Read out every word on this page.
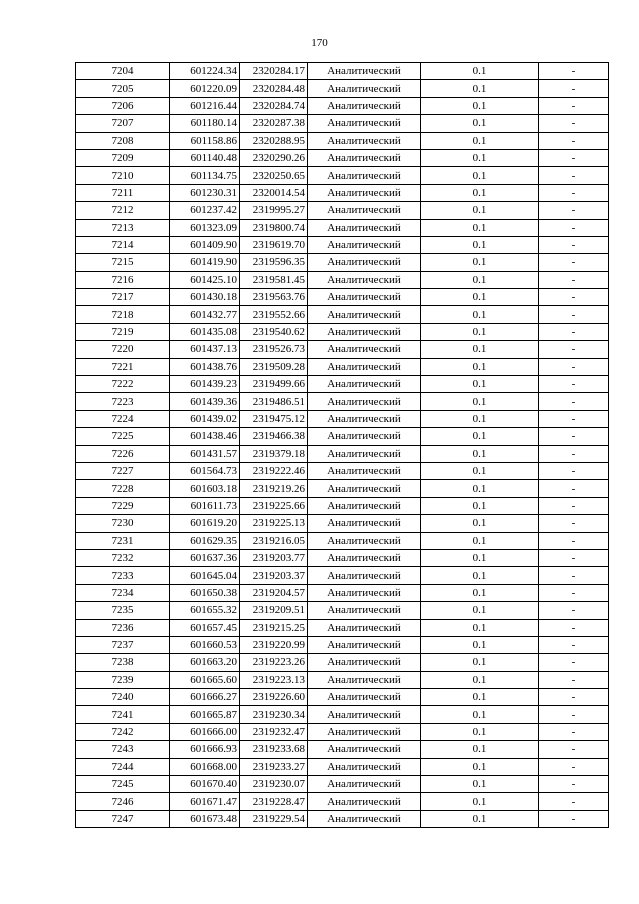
170
7204	601224.34	2320284.17	Аналитический	0.1	-
7205	601220.09	2320284.48	Аналитический	0.1	-
7206	601216.44	2320284.74	Аналитический	0.1	-
7207	601180.14	2320287.38	Аналитический	0.1	-
7208	601158.86	2320288.95	Аналитический	0.1	-
7209	601140.48	2320290.26	Аналитический	0.1	-
7210	601134.75	2320250.65	Аналитический	0.1	-
7211	601230.31	2320014.54	Аналитический	0.1	-
7212	601237.42	2319995.27	Аналитический	0.1	-
7213	601323.09	2319800.74	Аналитический	0.1	-
7214	601409.90	2319619.70	Аналитический	0.1	-
7215	601419.90	2319596.35	Аналитический	0.1	-
7216	601425.10	2319581.45	Аналитический	0.1	-
7217	601430.18	2319563.76	Аналитический	0.1	-
7218	601432.77	2319552.66	Аналитический	0.1	-
7219	601435.08	2319540.62	Аналитический	0.1	-
7220	601437.13	2319526.73	Аналитический	0.1	-
7221	601438.76	2319509.28	Аналитический	0.1	-
7222	601439.23	2319499.66	Аналитический	0.1	-
7223	601439.36	2319486.51	Аналитический	0.1	-
7224	601439.02	2319475.12	Аналитический	0.1	-
7225	601438.46	2319466.38	Аналитический	0.1	-
7226	601431.57	2319379.18	Аналитический	0.1	-
7227	601564.73	2319222.46	Аналитический	0.1	-
7228	601603.18	2319219.26	Аналитический	0.1	-
7229	601611.73	2319225.66	Аналитический	0.1	-
7230	601619.20	2319225.13	Аналитический	0.1	-
7231	601629.35	2319216.05	Аналитический	0.1	-
7232	601637.36	2319203.77	Аналитический	0.1	-
7233	601645.04	2319203.37	Аналитический	0.1	-
7234	601650.38	2319204.57	Аналитический	0.1	-
7235	601655.32	2319209.51	Аналитический	0.1	-
7236	601657.45	2319215.25	Аналитический	0.1	-
7237	601660.53	2319220.99	Аналитический	0.1	-
7238	601663.20	2319223.26	Аналитический	0.1	-
7239	601665.60	2319223.13	Аналитический	0.1	-
7240	601666.27	2319226.60	Аналитический	0.1	-
7241	601665.87	2319230.34	Аналитический	0.1	-
7242	601666.00	2319232.47	Аналитический	0.1	-
7243	601666.93	2319233.68	Аналитический	0.1	-
7244	601668.00	2319233.27	Аналитический	0.1	-
7245	601670.40	2319230.07	Аналитический	0.1	-
7246	601671.47	2319228.47	Аналитический	0.1	-
7247	601673.48	2319229.54	Аналитический	0.1	-
